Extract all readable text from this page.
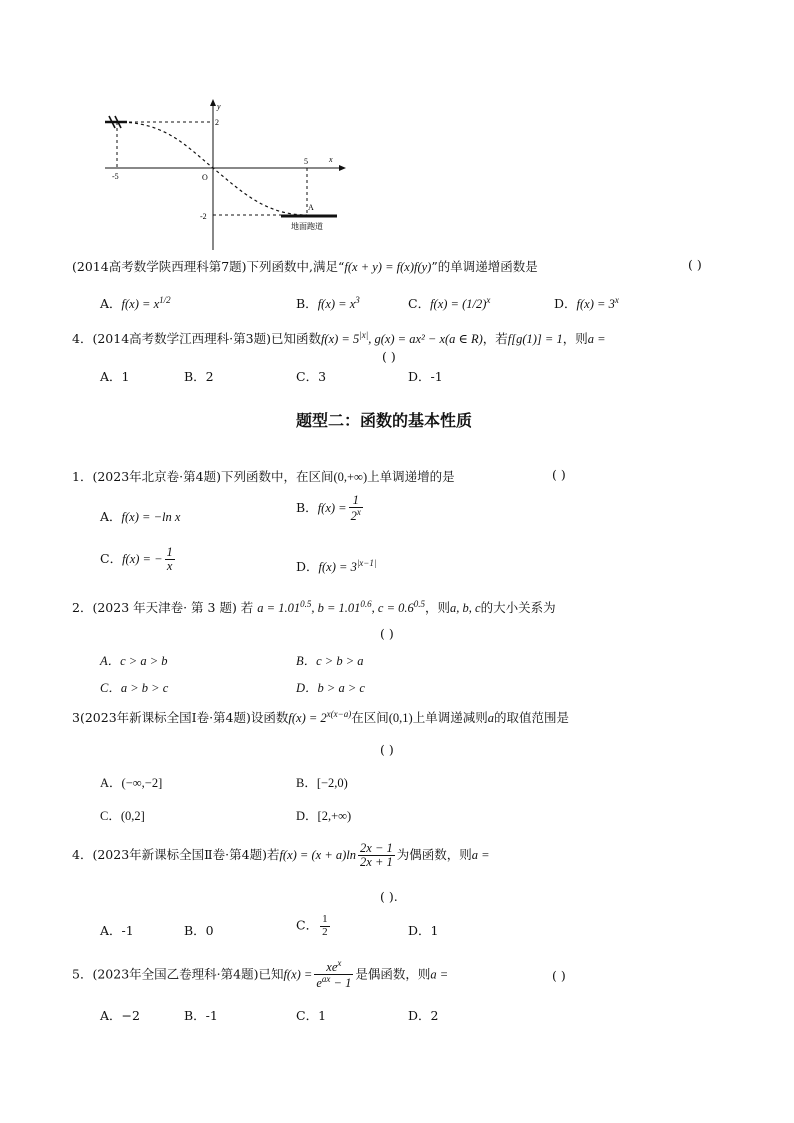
y
x
O
2
-2
-5
5
A
地面跑道
(2014高考数学陕西理科第7题)下列函数中,满足“f(x + y) = f(x)f(y)”的单调递增函数是	( )
A．$f(x) = x^{1/2}$	B．$f(x) = x^3$	C．$f(x) = (1/2)^x$	D．$f(x) = 3^x$
4．(2014高考数学江西理科·第3题)已知函数$f(x) = 5^{|x|}$, g(x) = ax² − x(a ∈ R)，若f[g(1)] = 1，则a =
( )
A．1	B．2	C．3	D．-1
题型二：函数的基本性质
1．(2023年北京卷·第4题)下列函数中，在区间(0,+∞)上单调递增的是	( )
A．f(x) = −ln x
B．$f(x) = \frac{1}{2^x}$
C．f(x) = − $\frac{1}{x}$	D．$f(x) = 3^{|x-1|}$
2．(2023 年天津卷· 第 3 题) 若 $a = 1.01^{0.5}$, $b = 1.01^{0.6}$, $c = 0.6^{0.5}$，则a, b, c的大小关系为
( )
A．c > a > b	B．c > b > a
C．a > b > c	D．b > a > c
3(2023年新课标全国Ⅰ卷·第4题)设函数$f(x) = 2^{x(x-a)}$在区间(0,1)上单调递减则a的取值范围是
( )
A．(−∞,−2]	B．[−2,0)
C．(0,2]	D．[2,+∞)
4．(2023年新课标全国Ⅱ卷·第4题)若$f(x) = (x + a)\ln \frac{2x - 1}{2x + 1}$ 为偶函数，则a =
( ).
A．-1	B．0	C． $\frac{1}{2}$	D．1
5．(2023年全国乙卷理科·第4题)已知$f(x) = \frac{xe^x}{e^{ax} - 1}$ 是偶函数，则a =	( )
A．−2	B．-1	C．1	D．2
